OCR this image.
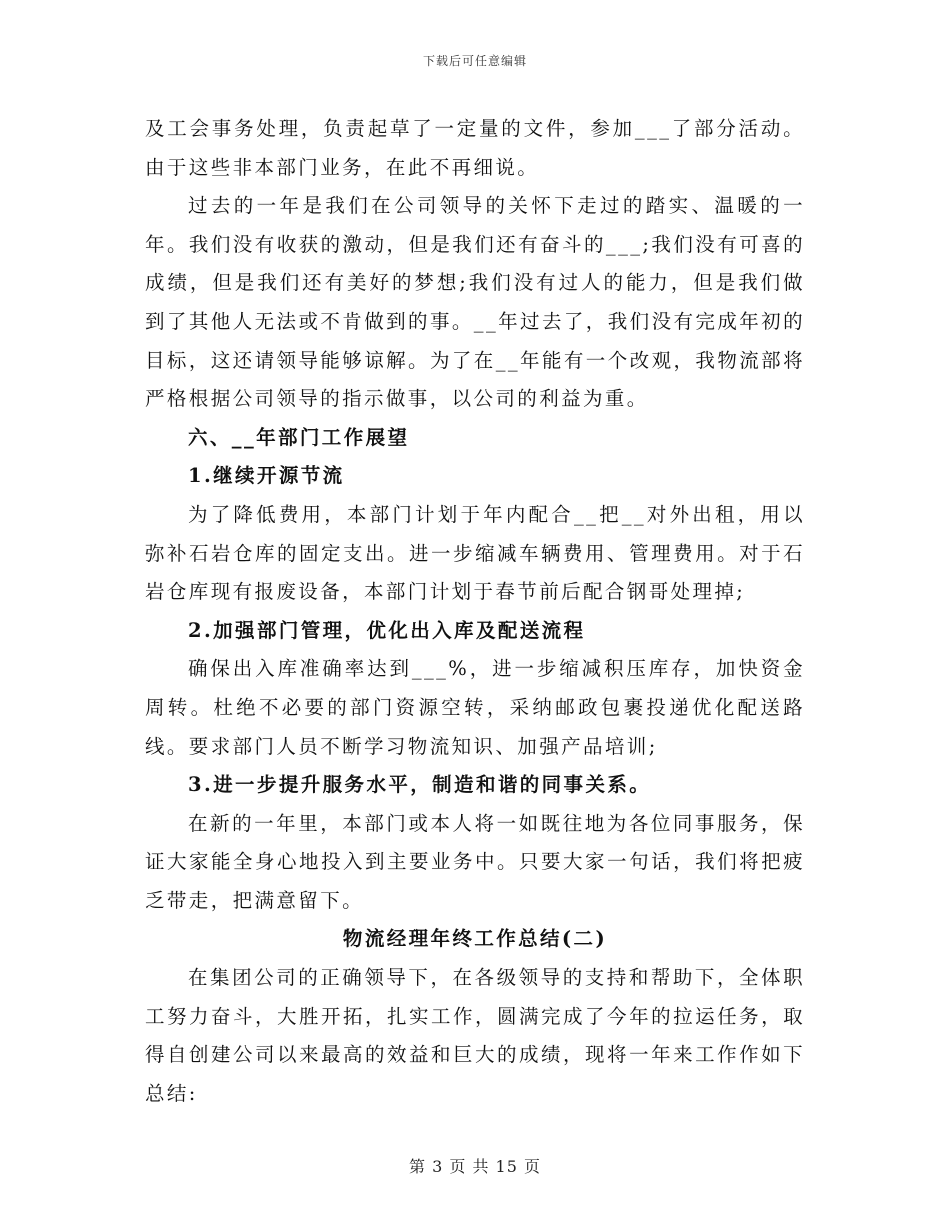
下载后可任意编辑

及工会事务处理，负责起草了一定量的文件，参加___了部分活动。由于这些非本部门业务，在此不再细说。

过去的一年是我们在公司领导的关怀下走过的踏实、温暖的一年。我们没有收获的激动，但是我们还有奋斗的___;我们没有可喜的成绩，但是我们还有美好的梦想;我们没有过人的能力，但是我们做到了其他人无法或不肯做到的事。__年过去了，我们没有完成年初的目标，这还请领导能够谅解。为了在__年能有一个改观，我物流部将严格根据公司领导的指示做事，以公司的利益为重。

六、__年部门工作展望

1.继续开源节流

为了降低费用，本部门计划于年内配合__把__对外出租，用以弥补石岩仓库的固定支出。进一步缩减车辆费用、管理费用。对于石岩仓库现有报废设备，本部门计划于春节前后配合钢哥处理掉;

2.加强部门管理，优化出入库及配送流程

确保出入库准确率达到___%，进一步缩减积压库存，加快资金周转。杜绝不必要的部门资源空转，采纳邮政包裹投递优化配送路线。要求部门人员不断学习物流知识、加强产品培训;

3.进一步提升服务水平，制造和谐的同事关系。

在新的一年里，本部门或本人将一如既往地为各位同事服务，保证大家能全身心地投入到主要业务中。只要大家一句话，我们将把疲乏带走，把满意留下。

物流经理年终工作总结(二)

在集团公司的正确领导下，在各级领导的支持和帮助下，全体职工努力奋斗，大胜开拓，扎实工作，圆满完成了今年的拉运任务，取得自创建公司以来最高的效益和巨大的成绩，现将一年来工作作如下总结:

第 3 页 共 15 页
